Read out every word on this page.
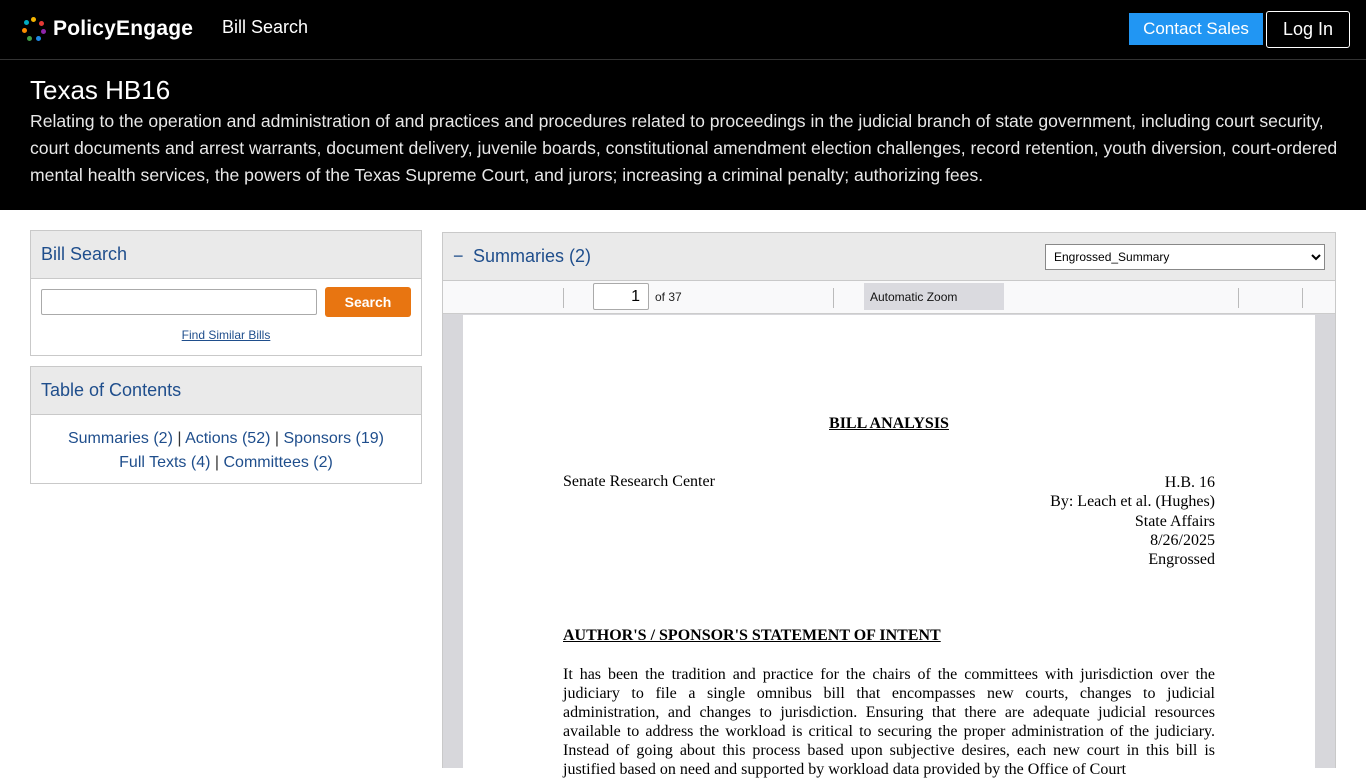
PolicyEngage Bill Search	Contact Sales	Log In
Texas HB16

Relating to the operation and administration of and practices and procedures related to proceedings in the judicial branch of state government, including court security, court documents and arrest warrants, document delivery, juvenile boards, constitutional amendment election challenges, record retention, youth diversion, court-ordered mental health services, the powers of the Texas Supreme Court, and jurors; increasing a criminal penalty; authorizing fees.

Bill Search
Search
Find Similar Bills
Table of Contents
Summaries (2) | Actions (52) | Sponsors (19)
Full Texts (4) | Committees (2)
− Summaries (2)
Engrossed_Summary
1
of 37	Automatic Zoom
BILL ANALYSIS
Senate Research Center	H.B. 16
By: Leach et al. (Hughes)
State Affairs
8/26/2025
Engrossed
AUTHOR'S / SPONSOR'S STATEMENT OF INTENT

It has been the tradition and practice for the chairs of the committees with jurisdiction over the judiciary to file a single omnibus bill that encompasses new courts, changes to judicial administration, and changes to jurisdiction. Ensuring that there are adequate judicial resources available to address the workload is critical to securing the proper administration of the judiciary. Instead of going about this process based upon subjective desires, each new court in this bill is justified based on need and supported by workload data provided by the Office of Court
